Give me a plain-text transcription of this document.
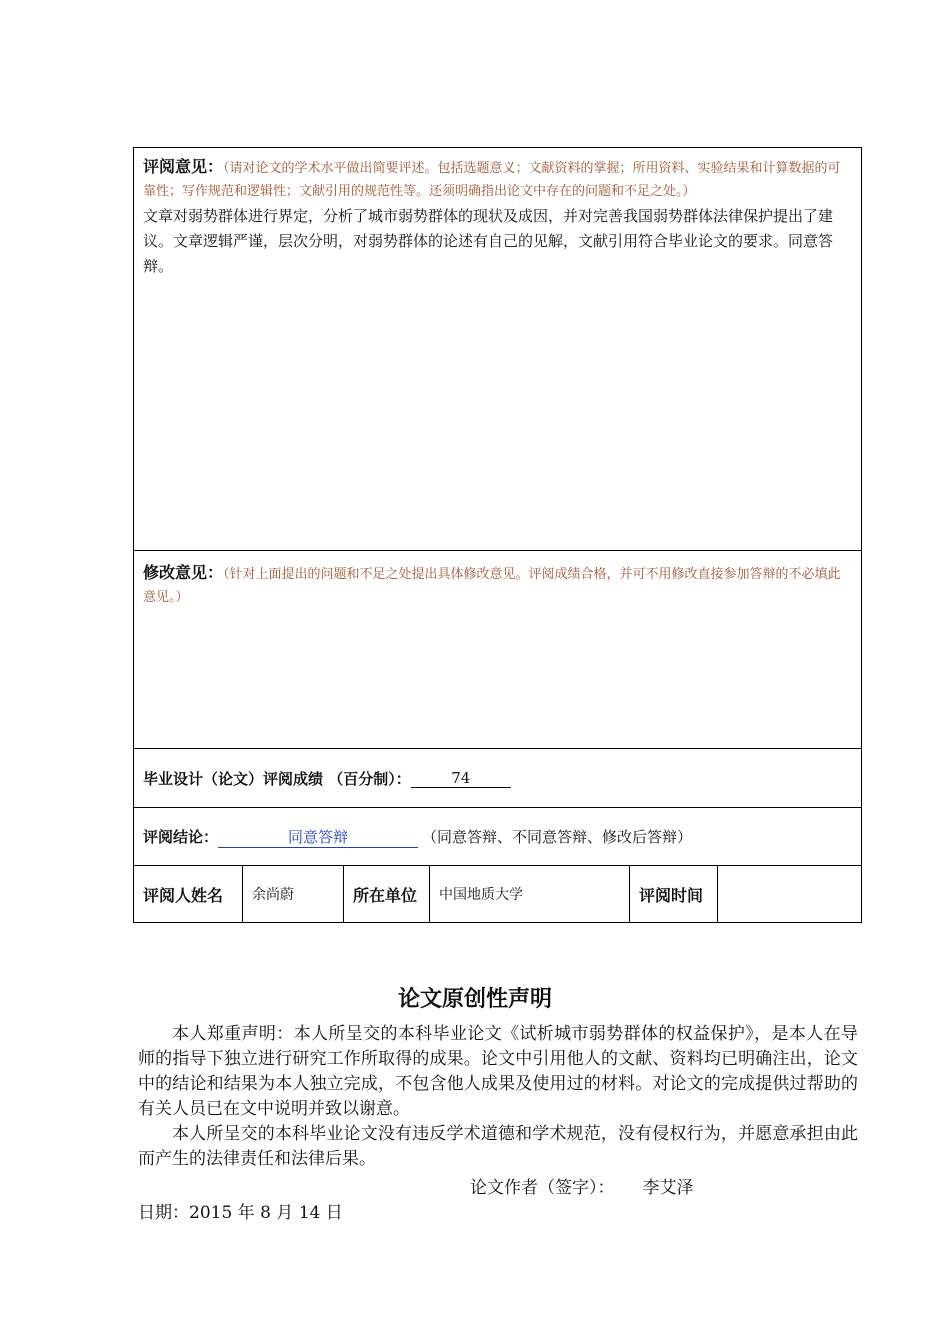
评阅意见：（请对论文的学术水平做出简要评述。包括选题意义；文献资料的掌握；所用资料、实验结果和计算数据的可靠性；写作规范和逻辑性；文献引用的规范性等。还须明确指出论文中存在的问题和不足之处。）
文章对弱势群体进行界定，分析了城市弱势群体的现状及成因，并对完善我国弱势群体法律保护提出了建议。文章逻辑严谨，层次分明，对弱势群体的论述有自己的见解，文献引用符合毕业论文的要求。同意答辩。
修改意见：（针对上面提出的问题和不足之处提出具体修改意见。评阅成绩合格，并可不用修改直接参加答辩的不必填此意见。）
毕业设计（论文）评阅成绩 （百分制）：	74
评阅结论：	同意答辩	（同意答辩、不同意答辩、修改后答辩）
评阅人姓名	余尚蔚	所在单位	中国地质大学	评阅时间
论文原创性声明

本人郑重声明：本人所呈交的本科毕业论文《试析城市弱势群体的权益保护》，是本人在导师的指导下独立进行研究工作所取得的成果。论文中引用他人的文献、资料均已明确注出，论文中的结论和结果为本人独立完成，不包含他人成果及使用过的材料。对论文的完成提供过帮助的有关人员已在文中说明并致以谢意。

本人所呈交的本科毕业论文没有违反学术道德和学术规范，没有侵权行为，并愿意承担由此而产生的法律责任和法律后果。

论文作者（签字）： 李艾泽
日期：2015 年 8 月 14 日
